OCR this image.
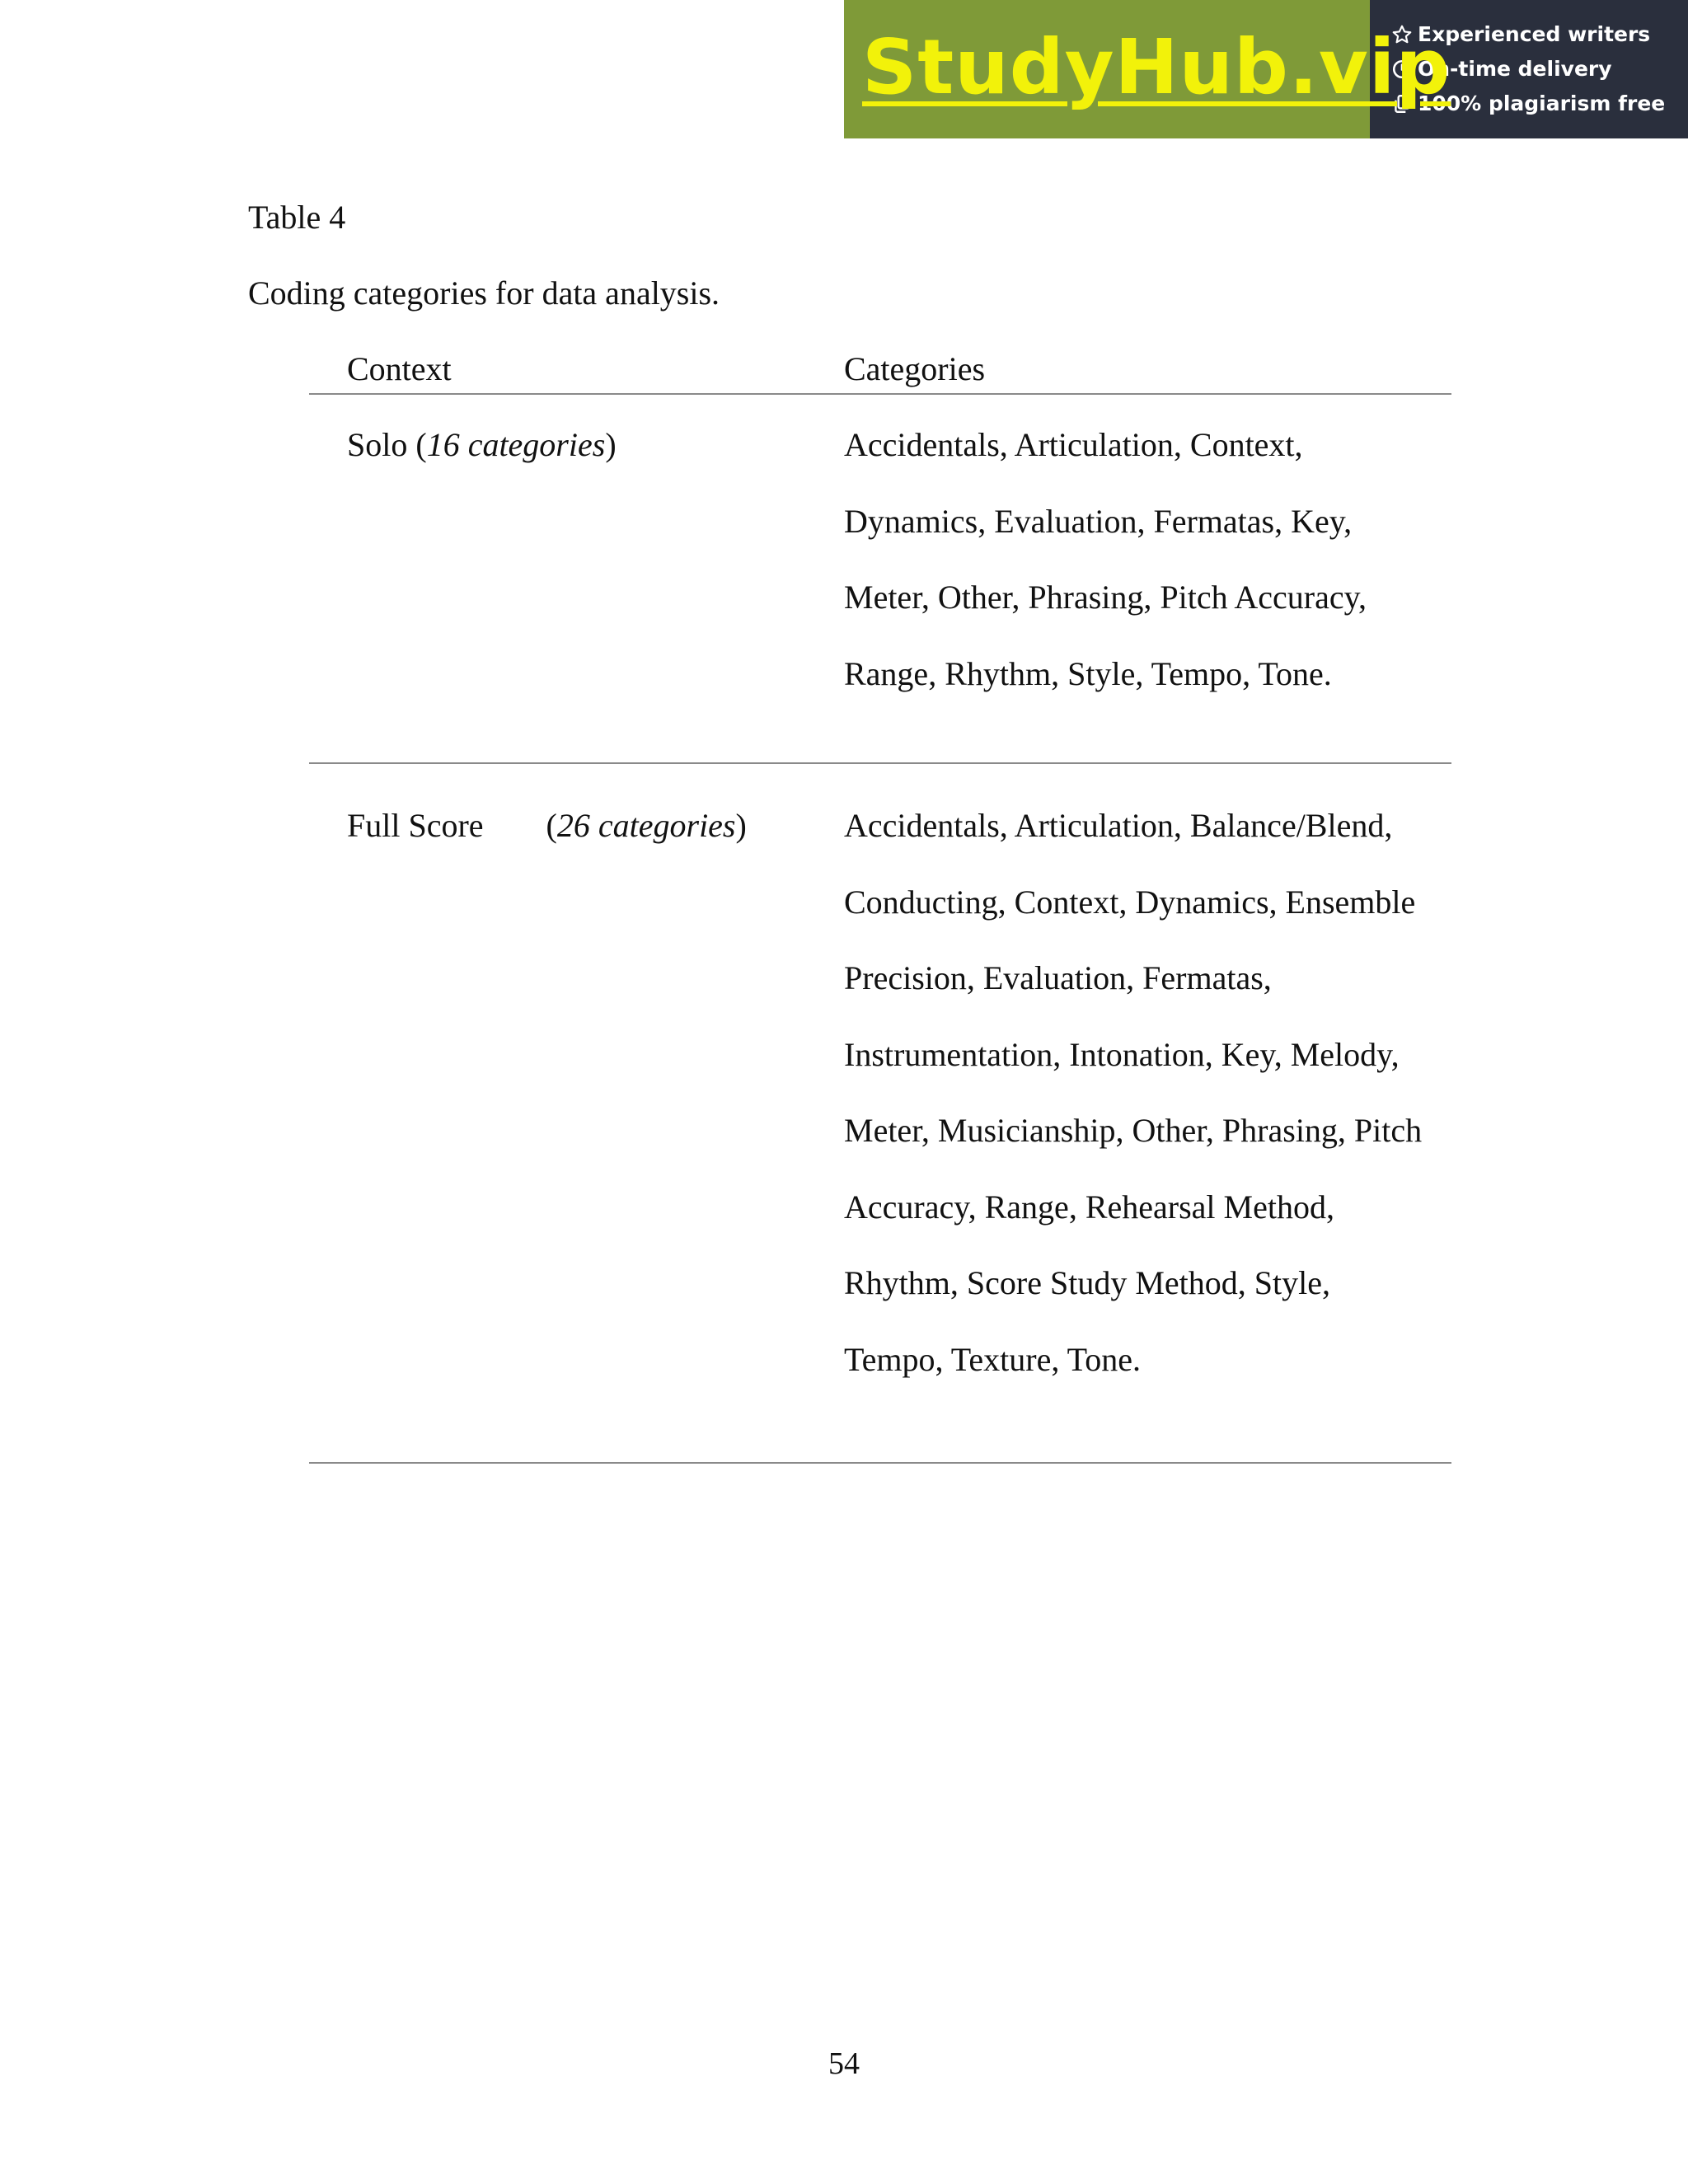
StudyHub.vip
Experienced writers
On-time delivery
100% plagiarism free
Table 4
Coding categories for data analysis.
Context	Categories
Solo (16 categories)	Accidentals, Articulation, Context,
Dynamics, Evaluation, Fermatas, Key,
Meter, Other, Phrasing, Pitch Accuracy,
Range, Rhythm, Style, Tempo, Tone.
Full Score (26 categories)	Accidentals, Articulation, Balance/Blend,
Conducting, Context, Dynamics, Ensemble
Precision, Evaluation, Fermatas,
Instrumentation, Intonation, Key, Melody,
Meter, Musicianship, Other, Phrasing, Pitch
Accuracy, Range, Rehearsal Method,
Rhythm, Score Study Method, Style,
Tempo, Texture, Tone.
54
